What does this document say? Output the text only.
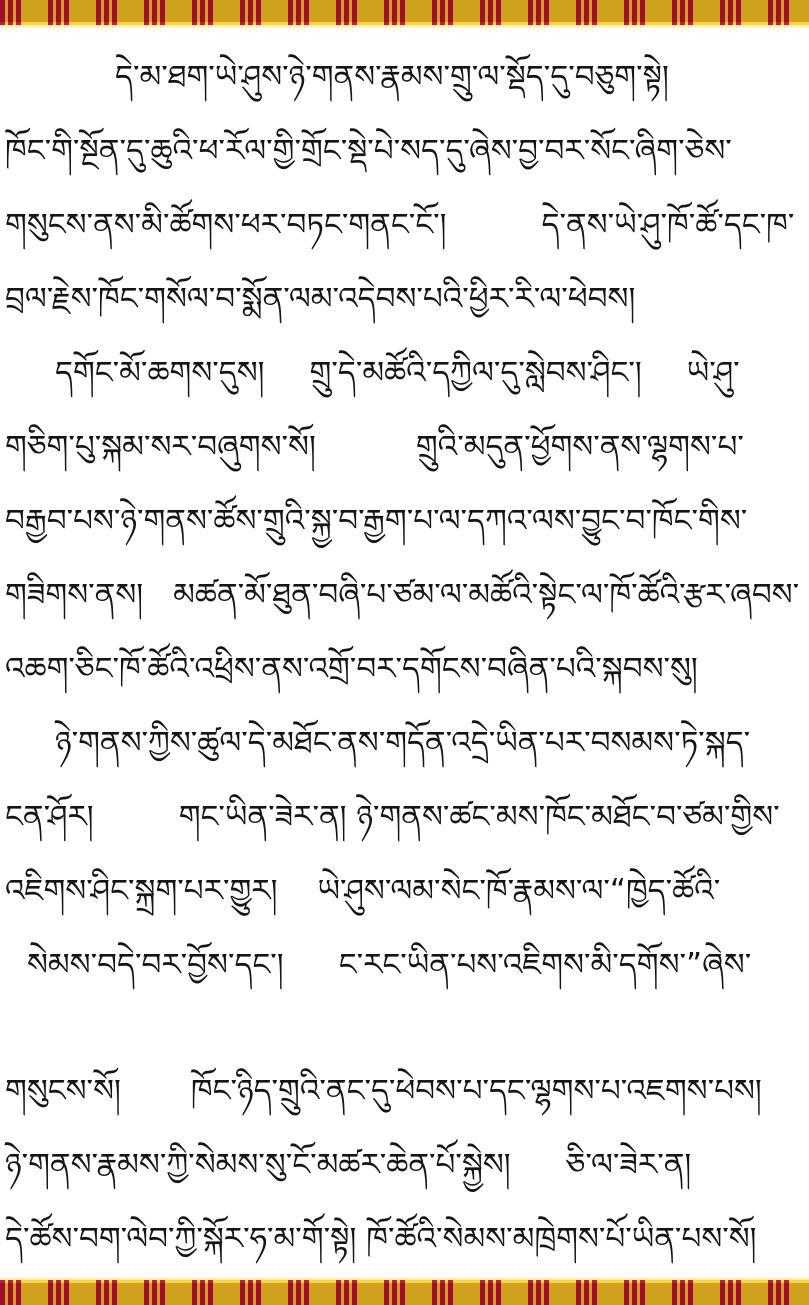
དེ་མ་ཐག་ཡེ་ཤུས་ཉེ་གནས་རྣམས་གྲུ་ལ་སྡོད་དུ་བཅུག་སྟེ།
ཁོང་གི་སྔོན་དུ་ཆུའི་ཕ་རོལ་གྱི་གྲོང་སྡེ་པེ་སད་དུ་ཞེས་བྱ་བར་སོང་ཞིག་ཅེས་
གསུངས་ནས་མི་ཚོགས་ཕར་བཏང་གནང་ངོ་།	དེ་ནས་ཡེ་ཤུ་ཁོ་ཚོ་དང་ཁ་
བྲལ་རྗེས་ཁོང་གསོལ་བ་སྨོན་ལམ་འདེབས་པའི་ཕྱིར་རི་ལ་ཕེབས།
དགོང་མོ་ཆགས་དུས། གྲུ་དེ་མཚོའི་དཀྱིལ་དུ་སླེབས་ཤིང་། ཡེ་ཤུ་
གཅིག་པུ་སྐམ་སར་བཞུགས་སོ།	གྲུའི་མདུན་ཕྱོགས་ནས་ལྷགས་པ་
བརྒྱབ་པས་ཉེ་གནས་ཚོས་གྲུའི་སྐྱ་བ་རྒྱག་པ་ལ་དཀའ་ལས་བྱུང་བ་ཁོང་གིས་
གཟིགས་ནས། མཚན་མོ་ཐུན་བཞི་པ་ཙམ་ལ་མཚོའི་སྟེང་ལ་ཁོ་ཚོའི་རྩར་ཞབས་
འཆག་ཅིང་ཁོ་ཚོའི་འཕྲིས་ནས་འགྲོ་བར་དགོངས་བཞིན་པའི་སྐབས་སུ།
ཉེ་གནས་ཀྱིས་ཚུལ་དེ་མཐོང་ནས་གདོན་འདྲེ་ཡིན་པར་བསམས་ཏེ་སྐད་
ངན་ཤོར།	གང་ཡིན་ཟེར་ན། ཉེ་གནས་ཚང་མས་ཁོང་མཐོང་བ་ཙམ་གྱིས་
འཇིགས་ཤིང་སྐྲག་པར་གྱུར། ཡེ་ཤུས་ལམ་སེང་ཁོ་རྣམས་ལ་“ཁྱེད་ཚོའི་
སེམས་བདེ་བར་བྱོས་དང་། ང་རང་ཡིན་པས་འཇིགས་མི་དགོས་”ཞེས་
གསུངས་སོ། ཁོང་ཉིད་གྲུའི་ནང་དུ་ཕེབས་པ་དང་ལྷགས་པ་འཇགས་པས།
ཉེ་གནས་རྣམས་ཀྱི་སེམས་སུ་ངོ་མཚར་ཆེན་པོ་སྐྱེས། ཅི་ལ་ཟེར་ན།
དེ་ཚོས་བག་ལེབ་ཀྱི་སྐོར་ཧ་མ་གོ་སྟེ། ཁོ་ཚོའི་སེམས་མཁྲེགས་པོ་ཡིན་པས་སོ།
